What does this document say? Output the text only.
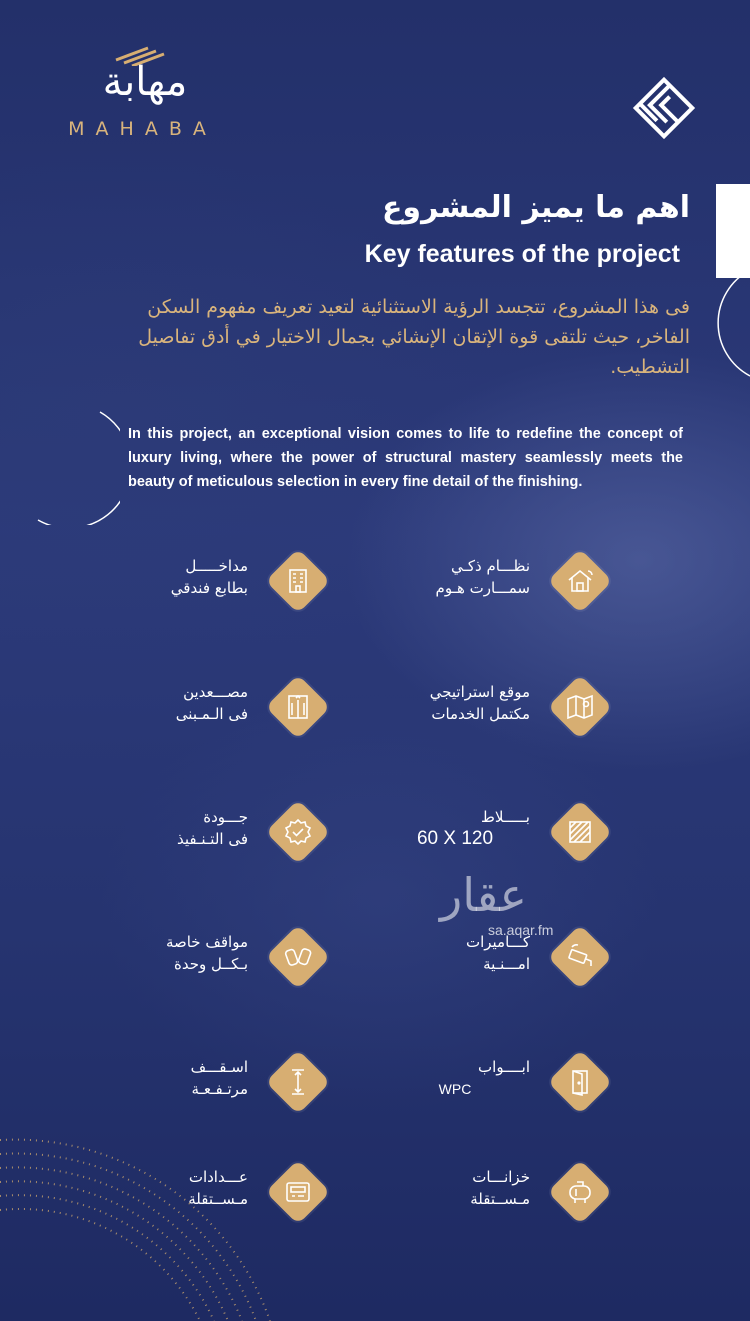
مهابة
MAHABA
اهم ما يميز المشروع
Key features of the project
فى هذا المشروع، تتجسد الرؤية الاستثنائية لتعيد تعريف مفهوم السكن الفاخر، حيث تلتقى قوة الإتقان الإنشائي بجمال الاختيار في أدق تفاصيل التشطيب.
In this project, an exceptional vision comes to life to redefine the concept of luxury living, where the power of structural mastery seamlessly meets the beauty of meticulous selection in every fine detail of the finishing.
نظـــام ذكـي
سمـــارت هـوم
موقع استراتيجي
مكتمل الخدمات
بـــــلاط
60 X 120
كـــاميرات
امـــنـية
ابــــواب
WPC
خزانـــات
مـســتقلة
مداخـــــل
بطابع فندقي
مصـــعدين
فى الـمـبنى
جـــودة
فى التـنـفيذ
مواقف خاصة
بـكــل وحدة
اسـقـــف
مرتـفـعـة
عـــدادات
مـســتقلة
عقار
sa.aqar.fm
